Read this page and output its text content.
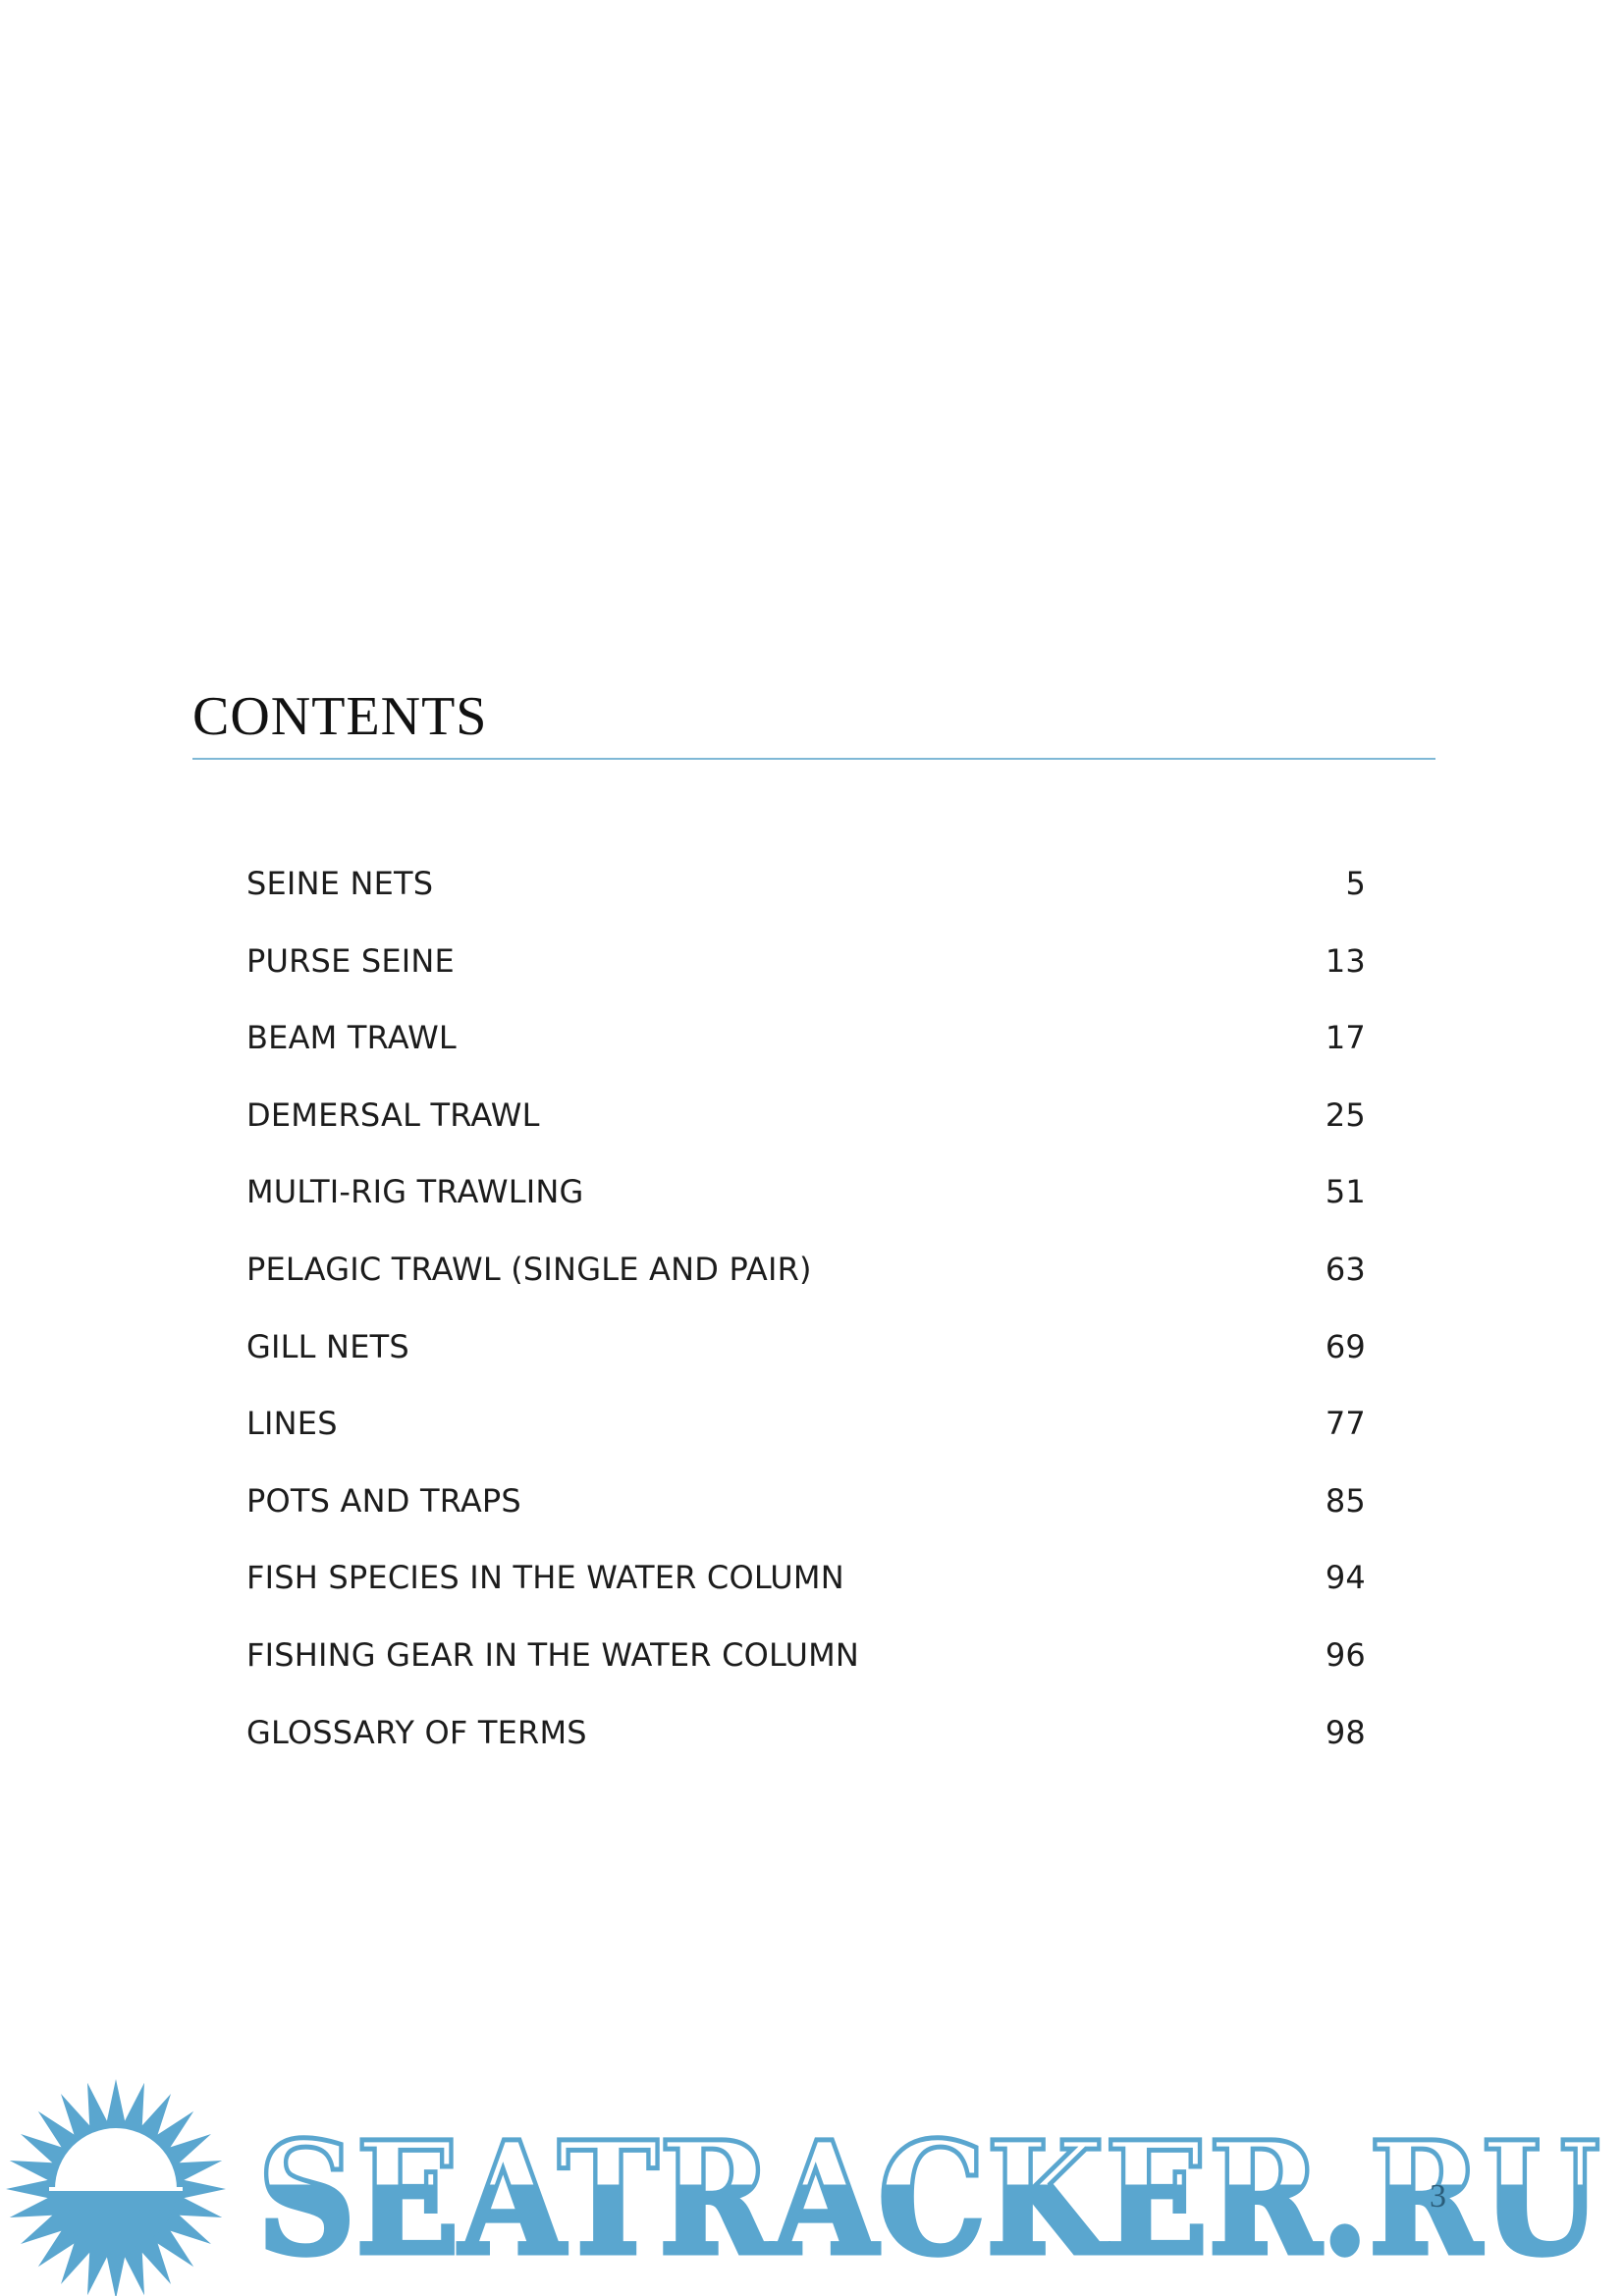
CONTENTS
SEINE NETS	5
PURSE SEINE	13
BEAM TRAWL	17
DEMERSAL TRAWL	25
MULTI-RIG TRAWLING	51
PELAGIC TRAWL (SINGLE AND PAIR)	63
GILL NETS	69
LINES	77
POTS AND TRAPS	85
FISH SPECIES IN THE WATER COLUMN	94
FISHING GEAR IN THE WATER COLUMN	96
GLOSSARY OF TERMS	98
SEATRACKER.RU
3
